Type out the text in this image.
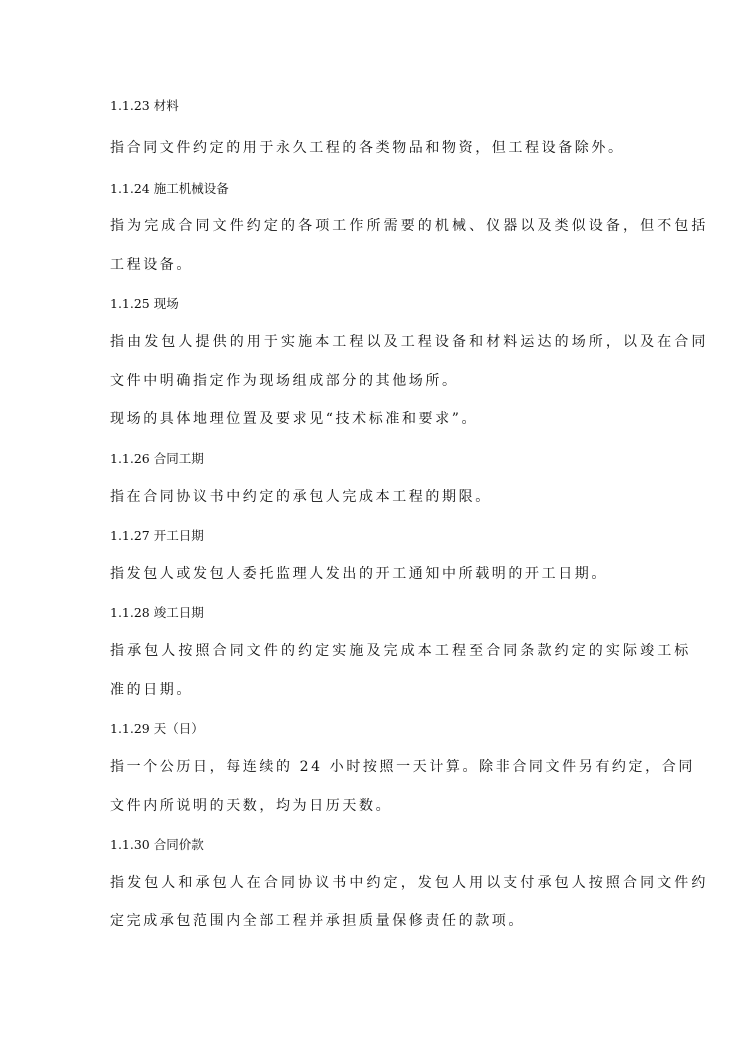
1.1.23 材料
指合同文件约定的用于永久工程的各类物品和物资，但工程设备除外。
1.1.24 施工机械设备
指为完成合同文件约定的各项工作所需要的机械、仪器以及类似设备，但不包括
工程设备。
1.1.25 现场
指由发包人提供的用于实施本工程以及工程设备和材料运达的场所，以及在合同
文件中明确指定作为现场组成部分的其他场所。
现场的具体地理位置及要求见“技术标准和要求”。
1.1.26 合同工期
指在合同协议书中约定的承包人完成本工程的期限。
1.1.27 开工日期
指发包人或发包人委托监理人发出的开工通知中所载明的开工日期。
1.1.28 竣工日期
指承包人按照合同文件的约定实施及完成本工程至合同条款约定的实际竣工标
准的日期。
1.1.29 天（日）
指一个公历日，每连续的 24 小时按照一天计算。除非合同文件另有约定，合同
文件内所说明的天数，均为日历天数。
1.1.30 合同价款
指发包人和承包人在合同协议书中约定，发包人用以支付承包人按照合同文件约
定完成承包范围内全部工程并承担质量保修责任的款项。
